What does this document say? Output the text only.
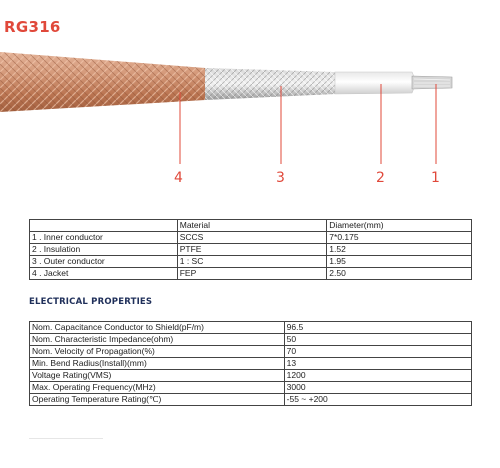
RG316
4	3	2	1
	Material	Diameter(mm)
1 . Inner conductor	SCCS	7*0.175
2 . Insulation	PTFE	1.52
3 . Outer conductor	1 : SC	1.95
4 . Jacket	FEP	2.50
ELECTRICAL PROPERTIES
Nom. Capacitance Conductor to Shield(pF/m)	96.5
Nom. Characteristic Impedance(ohm)	50
Nom. Velocity of Propagation(%)	70
Min. Bend Radius(Install)(mm)	13
Voltage Rating(VMS)	1200
Max. Operating Frequency(MHz)	3000
Operating Temperature Rating(℃)	-55 ~ +200
